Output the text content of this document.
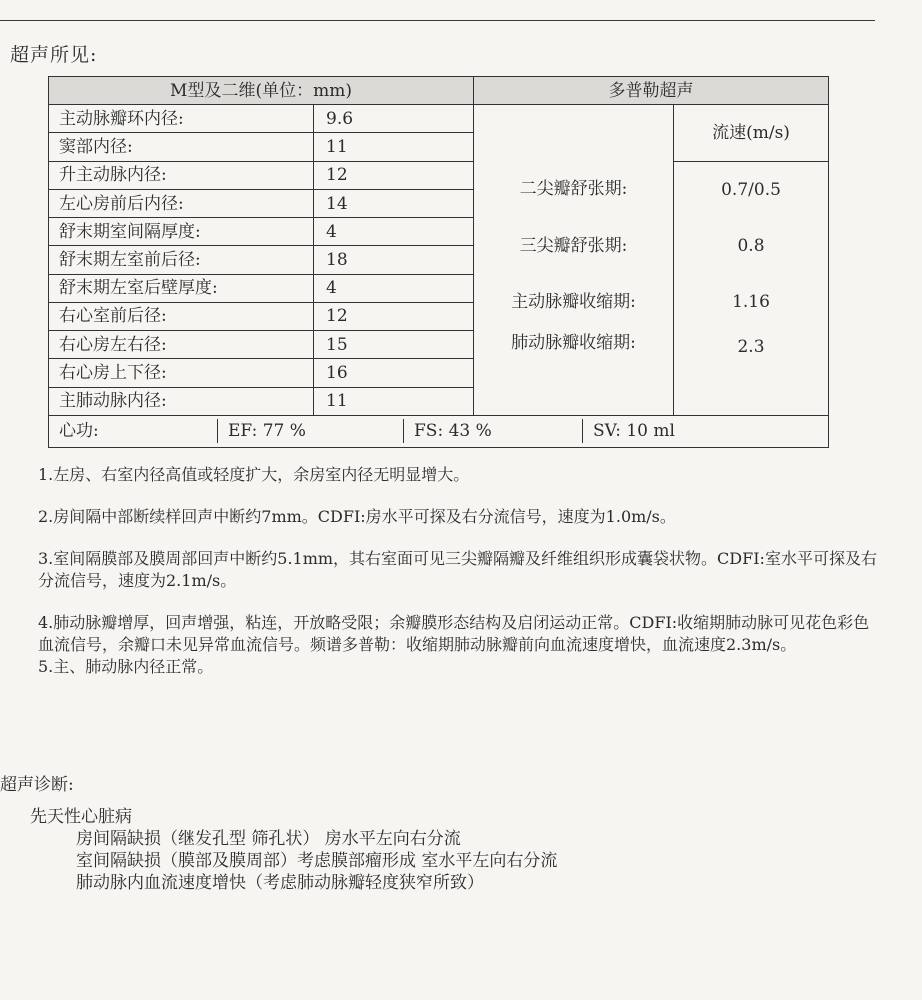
超声所见:
M型及二维(单位：mm)		多普勒超声	
主动脉瓣环内径:	9.6		流速(m/s)
窦部内径:	11		
升主动脉内径:	12	二尖瓣舒张期:	0.7/0.5
左心房前后内径:	14		
舒末期室间隔厚度:	4	三尖瓣舒张期:	0.8
舒末期左室前后径:	18		
舒末期左室后壁厚度:	4	主动脉瓣收缩期:	1.16
右心室前后径:	12		
右心房左右径:	15	肺动脉瓣收缩期:	2.3
右心房上下径:	16		
主肺动脉内径:	11		

心功: EF: 77 % FS: 43 % SV: 10 ml			
1.左房、右室内径高值或轻度扩大，余房室内径无明显增大。
2.房间隔中部断续样回声中断约7mm。CDFI:房水平可探及右分流信号，速度为1.0m/s。
3.室间隔膜部及膜周部回声中断约5.1mm，其右室面可见三尖瓣隔瓣及纤维组织形成囊袋状物。CDFI:室水平可探及右分流信号，速度为2.1m/s。
4.肺动脉瓣增厚，回声增强，粘连，开放略受限；余瓣膜形态结构及启闭运动正常。CDFI:收缩期肺动脉可见花色彩色血流信号，余瓣口未见异常血流信号。频谱多普勒：收缩期肺动脉瓣前向血流速度增快，血流速度2.3m/s。
5.主、肺动脉内径正常。
超声诊断:
先天性心脏病
房间隔缺损（继发孔型 筛孔状） 房水平左向右分流
室间隔缺损（膜部及膜周部）考虑膜部瘤形成 室水平左向右分流
肺动脉内血流速度增快（考虑肺动脉瓣轻度狭窄所致）
